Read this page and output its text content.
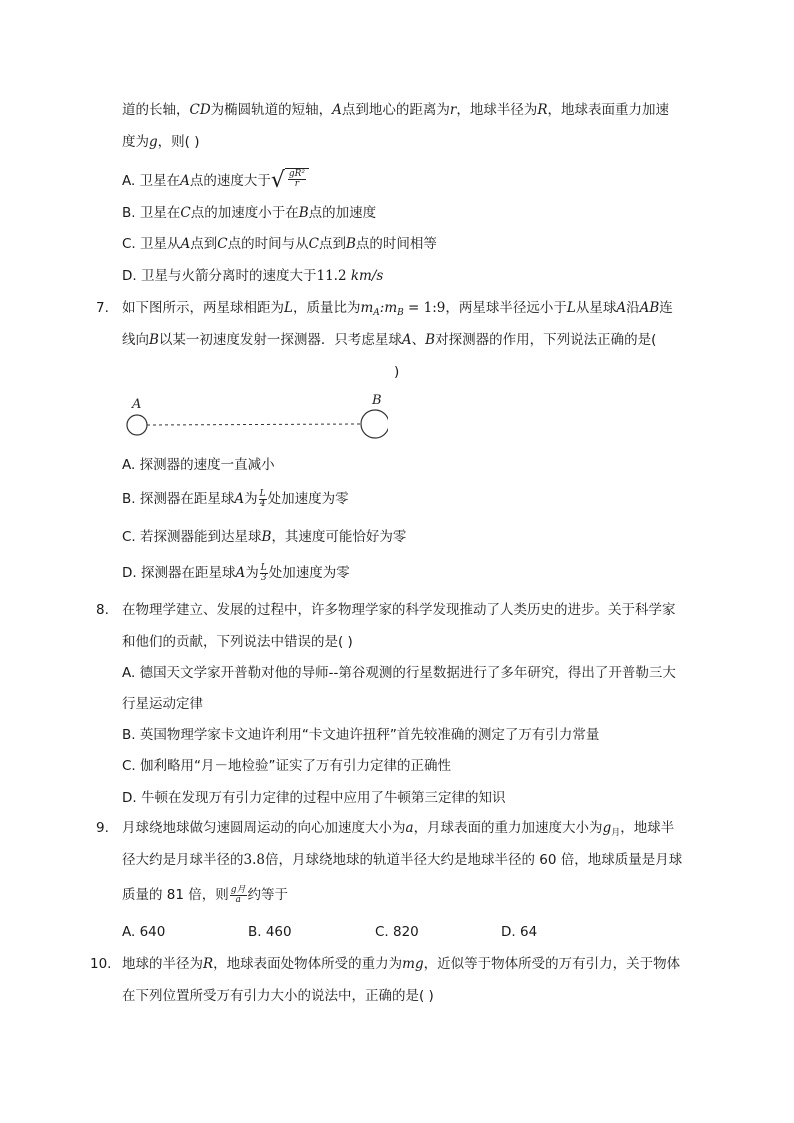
道的长轴，CD为椭圆轨道的短轴，A点到地心的距离为r，地球半径为R，地球表面重力加速
度为g，则( )
A. 卫星在A点的速度大于 √ $\frac{\text{gR²}}{r}$
B. 卫星在C点的加速度小于在B点的加速度
C. 卫星从A点到C点的时间与从C点到B点的时间相等
D. 卫星与火箭分离时的速度大于11.2 km/s
7. 如下图所示，两星球相距为L，质量比为$m_A:m_B$ = 1:9，两星球半径远小于L从星球A沿AB连
线向B以某一初速度发射一探测器．只考虑星球A、B对探测器的作用，下列说法正确的是(
)
A	B
A. 探测器的速度一直减小
B. 探测器在距星球A为 $\frac{L}{4}$ 处加速度为零
C. 若探测器能到达星球B，其速度可能恰好为零
D. 探测器在距星球A为 $\frac{L}{3}$ 处加速度为零
8. 在物理学建立、发展的过程中，许多物理学家的科学发现推动了人类历史的进步。关于科学家
和他们的贡献，下列说法中错误的是( )
A. 德国天文学家开普勒对他的导师--第谷观测的行星数据进行了多年研究，得出了开普勒三大
行星运动定律
B. 英国物理学家卡文迪许利用“卡文迪许扭秤”首先较准确的测定了万有引力常量
C. 伽利略用“月－地检验”证实了万有引力定律的正确性
D. 牛顿在发现万有引力定律的过程中应用了牛顿第三定律的知识
9. 月球绕地球做匀速圆周运动的向心加速度大小为a，月球表面的重力加速度大小为$g_月$，地球半
径大约是月球半径的3.8倍，月球绕地球的轨道半径大约是地球半径的 60 倍，地球质量是月球
质量的 81 倍，则 $\frac{\text{g月}}{a}$ 约等于
A. 640	B. 460	C. 820	D. 64
10. 地球的半径为R，地球表面处物体所受的重力为mg，近似等于物体所受的万有引力，关于物体
在下列位置所受万有引力大小的说法中，正确的是( )
